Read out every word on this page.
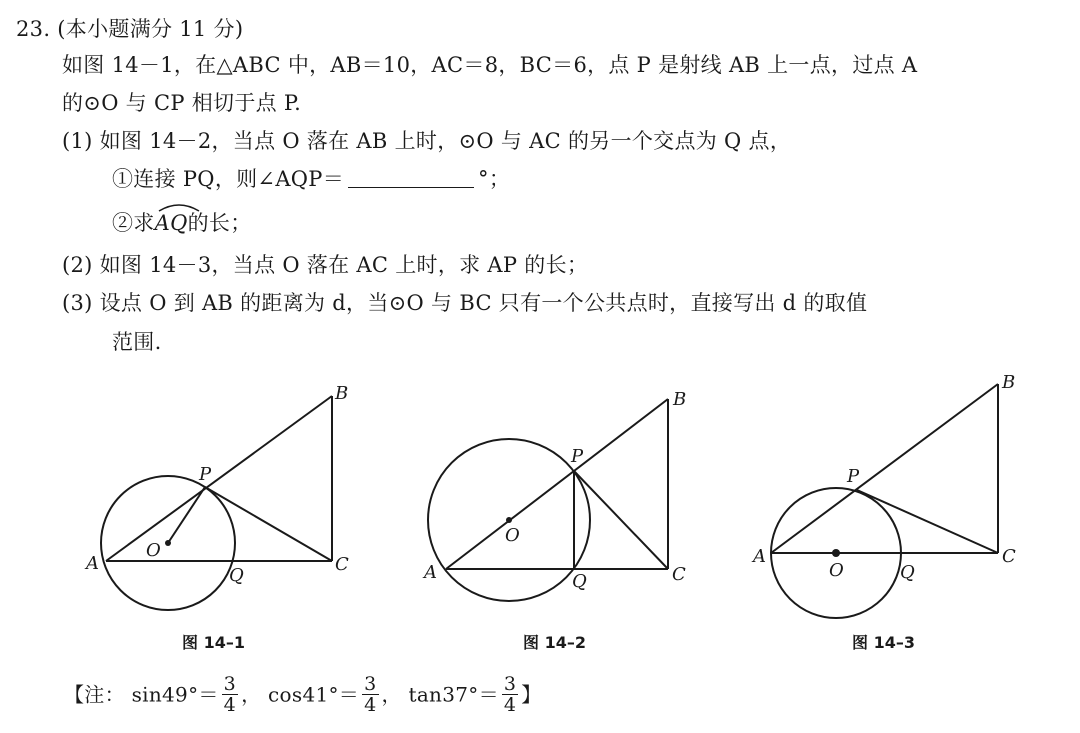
23. (本小题满分 11 分)
如图 14－1，在△ABC 中，AB＝10，AC＝8，BC＝6，点 P 是射线 AB 上一点，过点 A
的⊙O 与 CP 相切于点 P.
(1) 如图 14－2，当点 O 落在 AB 上时，⊙O 与 AC 的另一个交点为 Q 点，
①连接 PQ，则∠AQP＝	°；
②求
AQ的长；
(2) 如图 14－3，当点 O 落在 AC 上时，求 AP 的长；
(3) 设点 O 到 AB 的距离为 d，当⊙O 与 BC 只有一个公共点时，直接写出 d 的取值
范围.
A
B
C
P
O
Q	A
B
C
P
O
Q
A
B
C
P
O	Q
图 14–1	图 14–2	图 14–3
【注： $\sin 49^\circ= \frac{3}{4}$ ， $\cos 41^\circ= \frac{3}{4}$ ， $\tan 37^\circ= \frac{3}{4}$ 】
